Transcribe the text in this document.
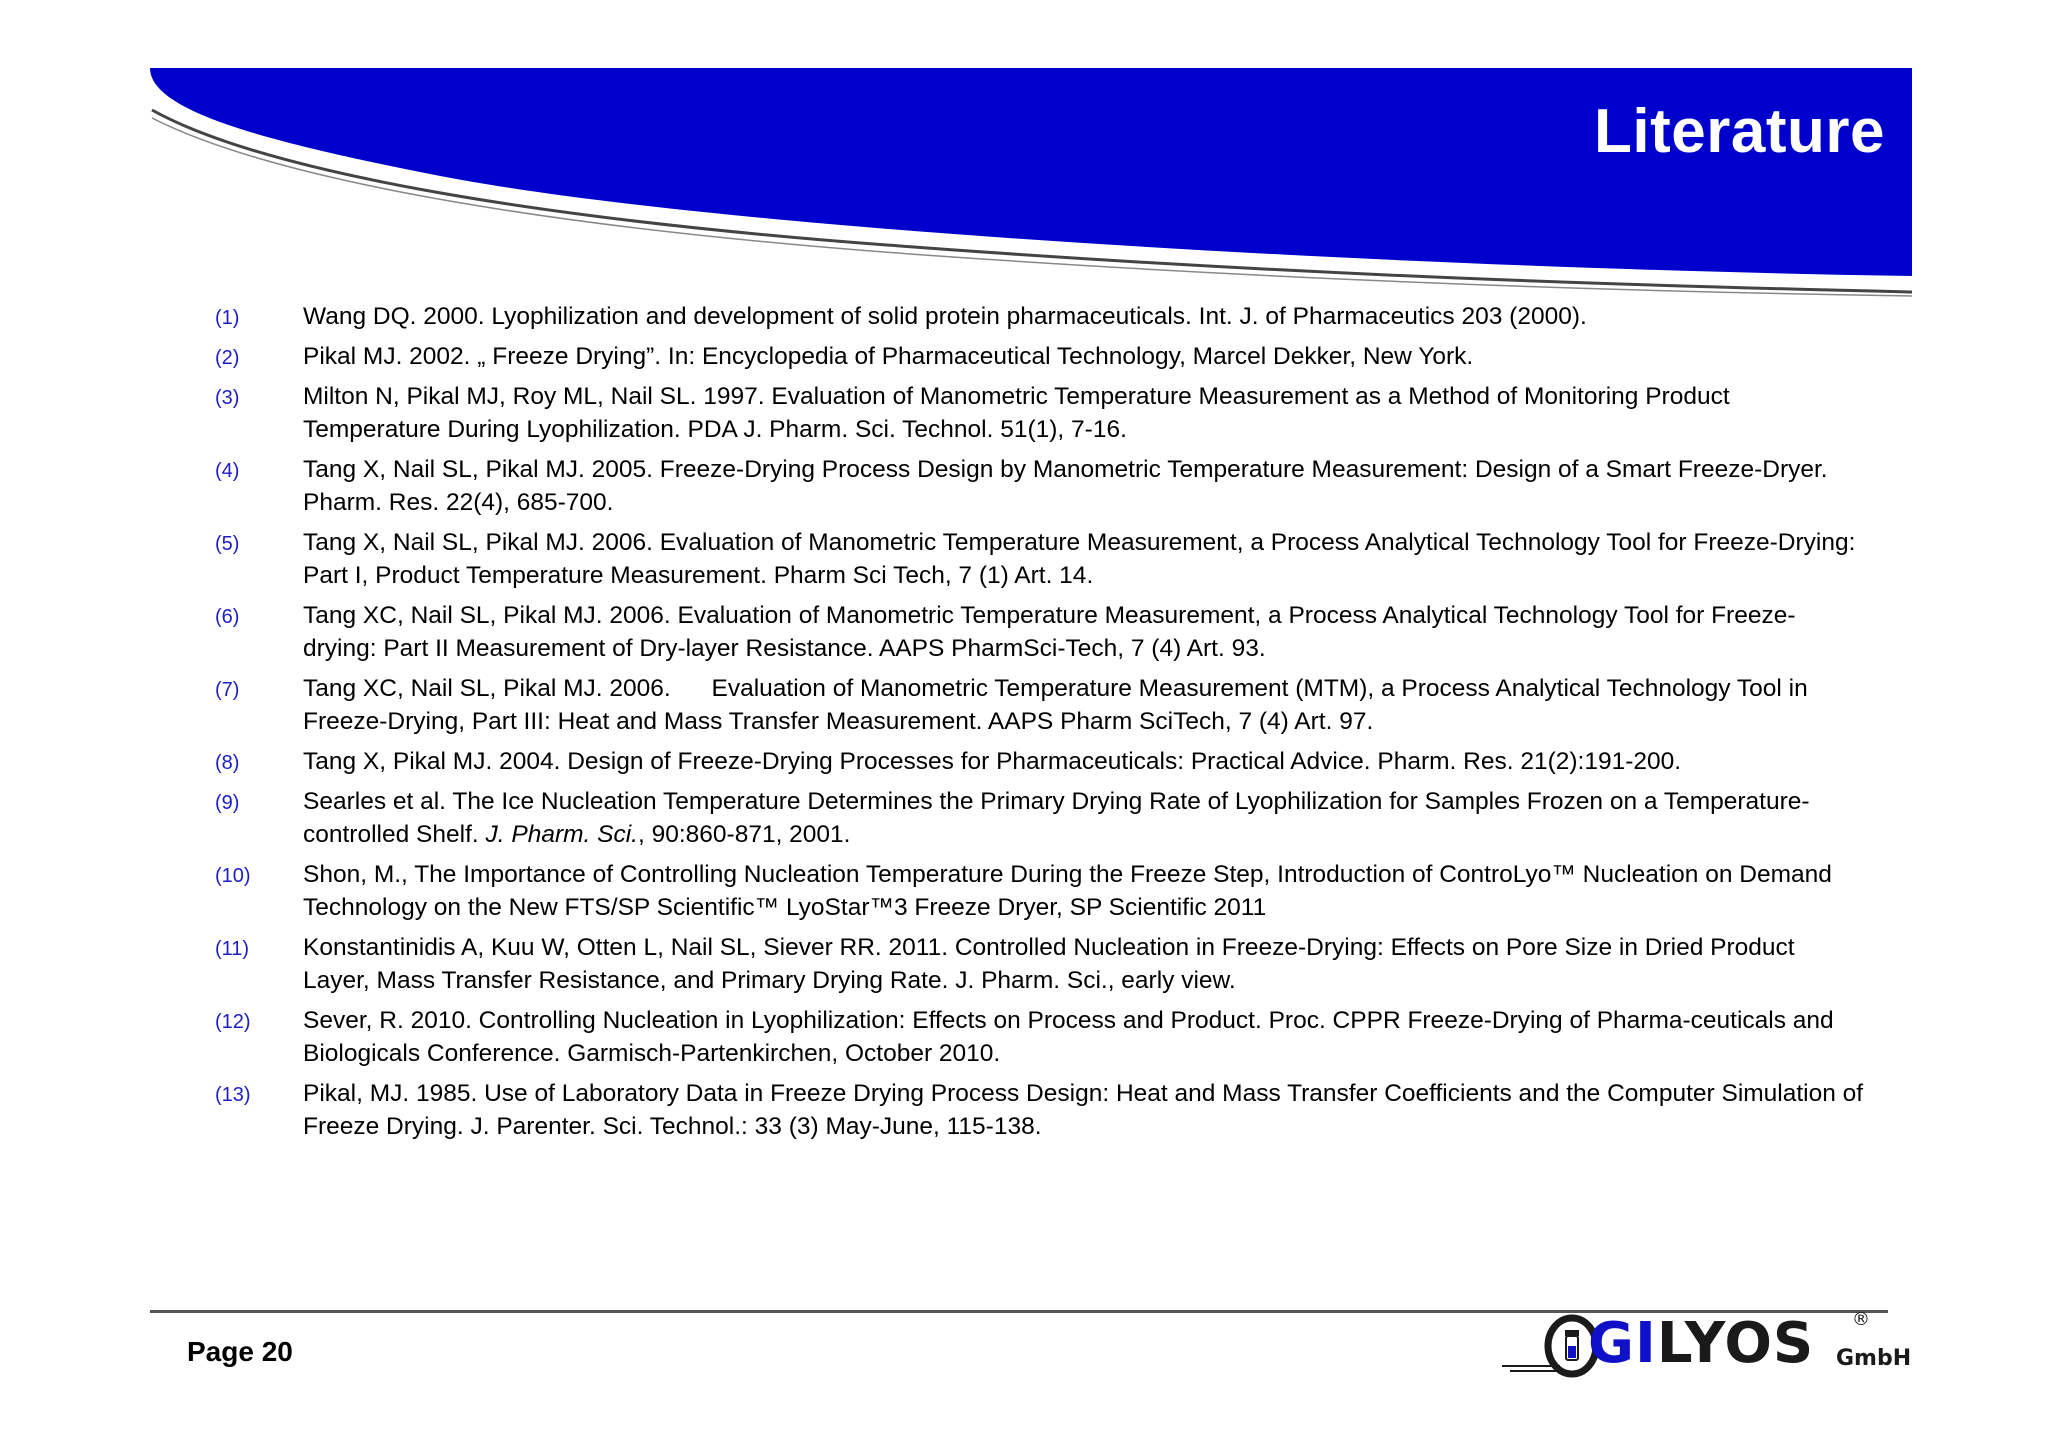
Literature
(1)	Wang DQ. 2000. Lyophilization and development of solid protein pharmaceuticals. Int. J. of Pharmaceutics 203 (2000).
(2)	Pikal MJ. 2002. „ Freeze Drying”. In: Encyclopedia of Pharmaceutical Technology, Marcel Dekker, New York.
(3)	Milton N, Pikal MJ, Roy ML, Nail SL. 1997. Evaluation of Manometric Temperature Measurement as a Method of Monitoring Product Temperature During Lyophilization. PDA J. Pharm. Sci. Technol. 51(1), 7-16.
(4)	Tang X, Nail SL, Pikal MJ. 2005. Freeze-Drying Process Design by Manometric Temperature Measurement: Design of a Smart Freeze-Dryer. Pharm. Res. 22(4), 685-700.
(5)	Tang X, Nail SL, Pikal MJ. 2006. Evaluation of Manometric Temperature Measurement, a Process Analytical Technology Tool for Freeze-Drying: Part I, Product Temperature Measurement. Pharm Sci Tech, 7 (1) Art. 14.
(6)	Tang XC, Nail SL, Pikal MJ. 2006. Evaluation of Manometric Temperature Measurement, a Process Analytical Technology Tool for Freeze-drying: Part II Measurement of Dry-layer Resistance. AAPS PharmSci-Tech, 7 (4) Art. 93.
(7)	Tang XC, Nail SL, Pikal MJ. 2006.      Evaluation of Manometric Temperature Measurement (MTM), a Process Analytical Technology Tool in Freeze-Drying, Part III: Heat and Mass Transfer Measurement. AAPS Pharm SciTech, 7 (4) Art. 97.
(8)	Tang X, Pikal MJ. 2004. Design of Freeze-Drying Processes for Pharmaceuticals: Practical Advice. Pharm. Res. 21(2):191-200.
(9)	Searles et al. The Ice Nucleation Temperature Determines the Primary Drying Rate of Lyophilization for Samples Frozen on a Temperature-controlled Shelf. J. Pharm. Sci., 90:860-871, 2001.
(10) Shon, M., The Importance of Controlling Nucleation Temperature During the Freeze Step, Introduction of ControLyo™ Nucleation on Demand Technology on the New FTS/SP Scientific™ LyoStar™3 Freeze Dryer, SP Scientific 2011
(11) Konstantinidis A, Kuu W, Otten L, Nail SL, Siever RR. 2011. Controlled Nucleation in Freeze-Drying: Effects on Pore Size in Dried Product Layer, Mass Transfer Resistance, and Primary Drying Rate. J. Pharm. Sci., early view.
(12) Sever, R. 2010. Controlling Nucleation in Lyophilization: Effects on Process and Product. Proc. CPPR Freeze-Drying of Pharma-ceuticals and Biologicals Conference. Garmisch-Partenkirchen, October 2010.
(13) Pikal, MJ. 1985. Use of Laboratory Data in Freeze Drying Process Design: Heat and Mass Transfer Coefficients and the Computer Simulation of Freeze Drying. J. Parenter. Sci. Technol.: 33 (3) May-June, 115-138.
Page 20	GILYOS ®
GmbH
